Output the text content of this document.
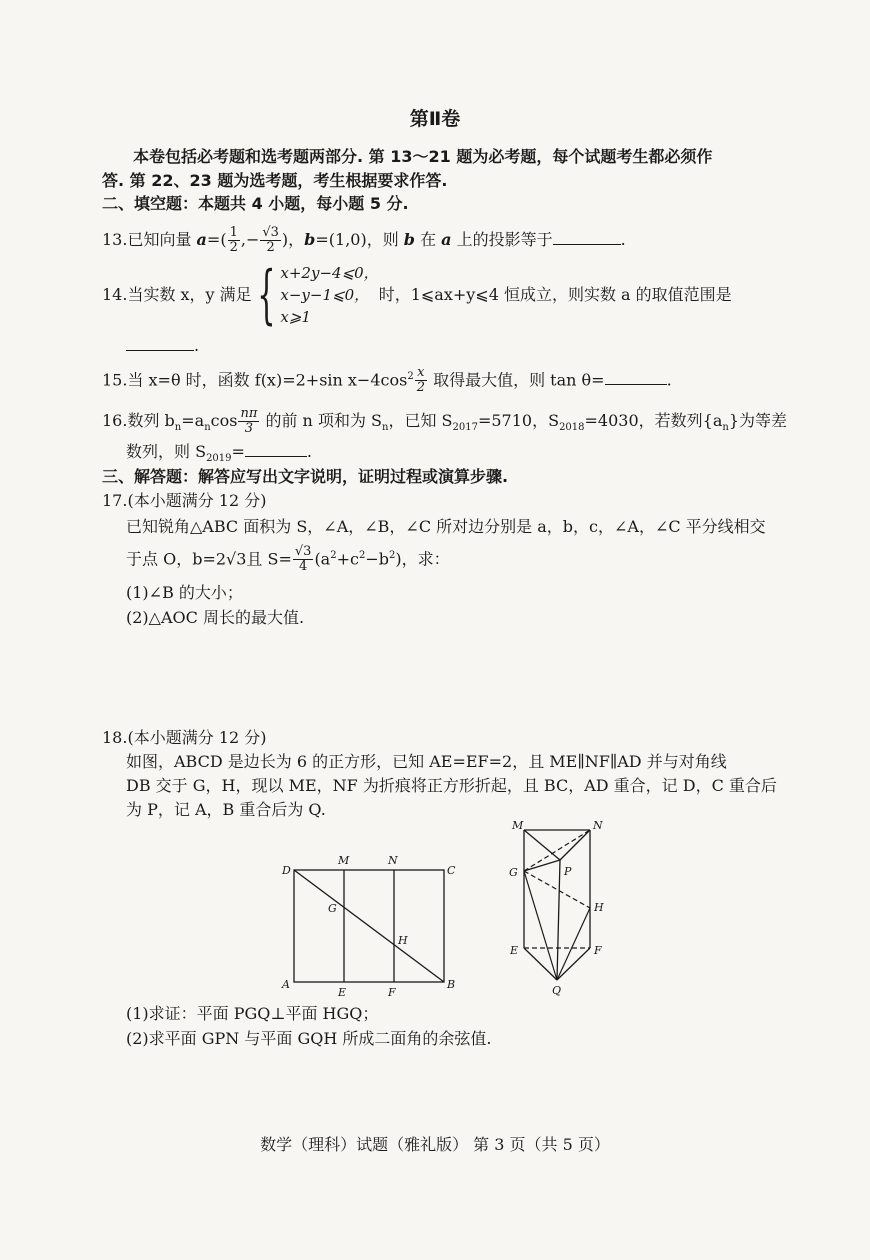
第Ⅱ卷
本卷包括必考题和选考题两部分. 第 13～21 题为必考题，每个试题考生都必须作
答. 第 22、23 题为选考题，考生根据要求作答.
二、填空题：本题共 4 小题，每小题 5 分.
13.已知向量 $a=( \frac{1}{2}$ ,− $\frac{√3}{2}$ )，b=(1,0)，则 b 在 a 上的投影等于	.
14.当实数 x，y 满足{ x+2y−4⩽0，
x−y−1⩽0，
x⩾1
时，1⩽ax+y⩽4 恒成立，则实数 a 的取值范围是
.
15.当 x=θ 时，函数 f(x)=2+sin $x-4\cos^2 \frac{x}{2}$ 取得最大值，则 tan θ=	.
16.数列 $b_n=a_n\cos \frac{n\pi}{3}$ 的前 n 项和为 $S_n$，已知 $S_{2017}=5710$，$S_{2018}=4030$，若数列$\{a_n\}$为等差
数列，则 $S_{2019}=$	.
三、解答题：解答应写出文字说明，证明过程或演算步骤.
17.(本小题满分 12 分)
已知锐角△ABC 面积为 S，∠A，∠B，∠C 所对边分别是 a，b，c，∠A，∠C 平分线相交
于点 O，b=2√3且 $S= \frac{√3}{4} (a^2+c^2-b^2)$，求：
(1)∠B 的大小；
(2)△AOC 周长的最大值.
18.(本小题满分 12 分)
如图，ABCD 是边长为 6 的正方形，已知 AE=EF=2，且 ME∥NF∥AD 并与对角线
DB 交于 G，H，现以 ME，NF 为折痕将正方形折起，且 BC，AD 重合，记 D，C 重合后
为 P，记 A，B 重合后为 Q.
D
M	N
C
G
H
A
E	F
B
M	N
G	P
H
E	F
Q
(1)求证：平面 PGQ⊥平面 HGQ；
(2)求平面 GPN 与平面 GQH 所成二面角的余弦值.
数学（理科）试题（雅礼版） 第 3 页（共 5 页）
